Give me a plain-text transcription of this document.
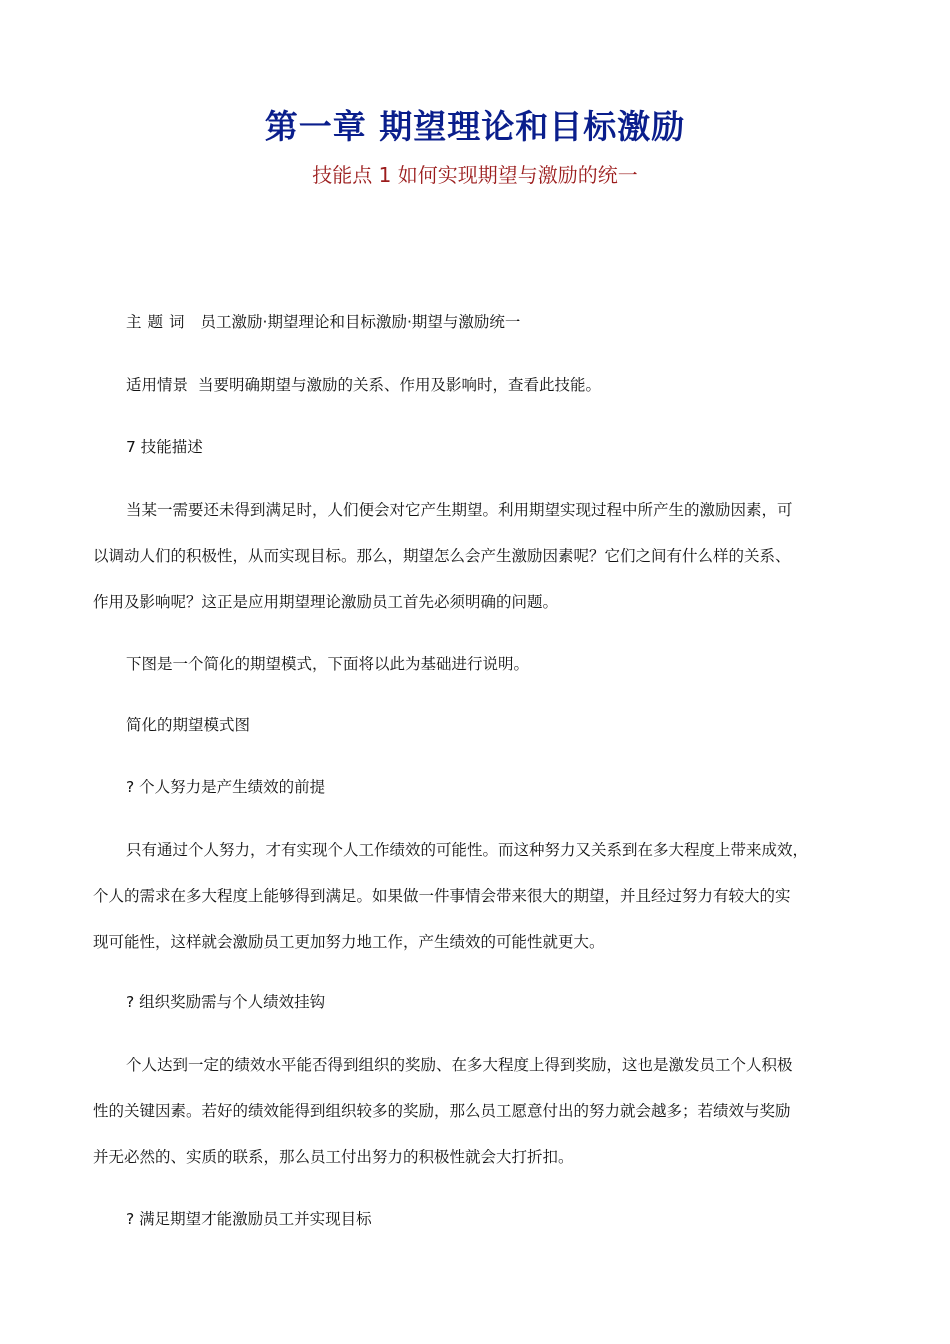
第一章 期望理论和目标激励
技能点 1 如何实现期望与激励的统一
主题词 员工激励·期望理论和目标激励·期望与激励统一
适用情景 当要明确期望与激励的关系、作用及影响时，查看此技能。
7 技能描述
当某一需要还未得到满足时，人们便会对它产生期望。利用期望实现过程中所产生的激励因素，可
以调动人们的积极性，从而实现目标。那么，期望怎么会产生激励因素呢？它们之间有什么样的关系、
作用及影响呢？这正是应用期望理论激励员工首先必须明确的问题。
下图是一个简化的期望模式，下面将以此为基础进行说明。
简化的期望模式图
? 个人努力是产生绩效的前提
只有通过个人努力，才有实现个人工作绩效的可能性。而这种努力又关系到在多大程度上带来成效，
个人的需求在多大程度上能够得到满足。如果做一件事情会带来很大的期望，并且经过努力有较大的实
现可能性，这样就会激励员工更加努力地工作，产生绩效的可能性就更大。
? 组织奖励需与个人绩效挂钩
个人达到一定的绩效水平能否得到组织的奖励、在多大程度上得到奖励，这也是激发员工个人积极
性的关键因素。若好的绩效能得到组织较多的奖励，那么员工愿意付出的努力就会越多；若绩效与奖励
并无必然的、实质的联系，那么员工付出努力的积极性就会大打折扣。
? 满足期望才能激励员工并实现目标
